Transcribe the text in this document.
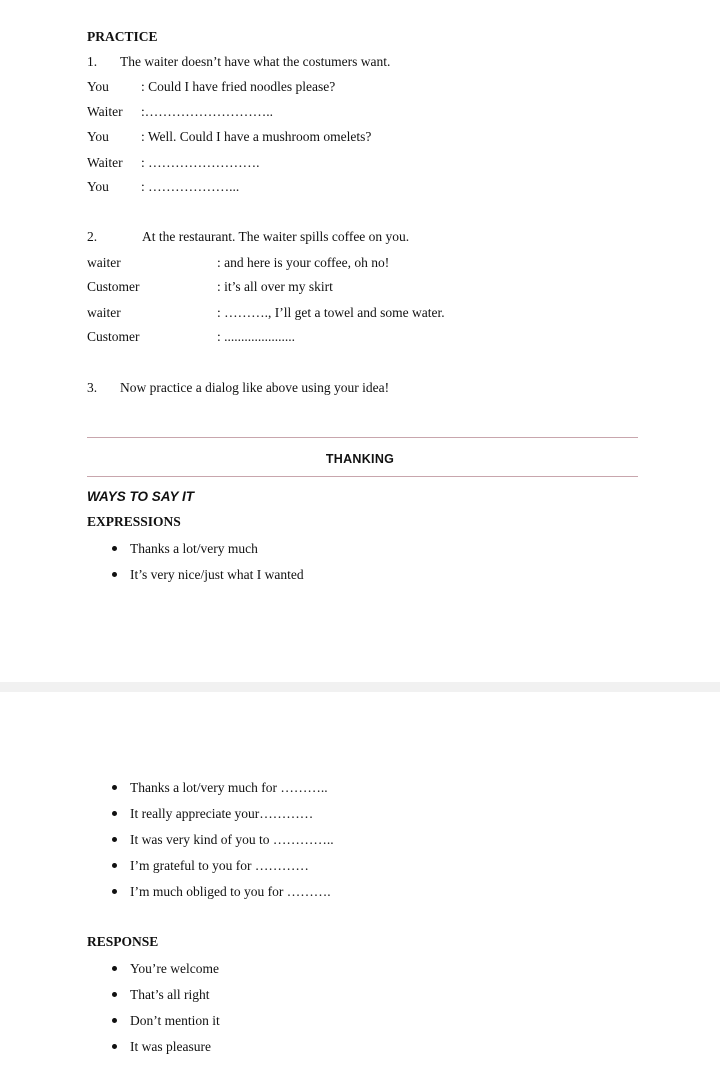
PRACTICE
1. The waiter doesn’t have what the costumers want.
You : Could I have fried noodles please?
Waiter :………………………..
You : Well. Could I have a mushroom omelets?
Waiter : …………………….
You : ………………...
2.	At the restaurant. The waiter spills coffee on you.
waiter	: and here is your coffee, oh no!
Customer	: it’s all over my skirt
waiter	: ………., I’ll get a towel and some water.
Customer	: .....................
3. Now practice a dialog like above using your idea!
THANKING
WAYS TO SAY IT
EXPRESSIONS
Thanks a lot/very much
It’s very nice/just what I wanted
Thanks a lot/very much for ………..
It really appreciate your…………
It was very kind of you to …………..
I’m grateful to you for …………
I’m much obliged to you for ……….
RESPONSE
You’re welcome
That’s all right
Don’t mention it
It was pleasure
